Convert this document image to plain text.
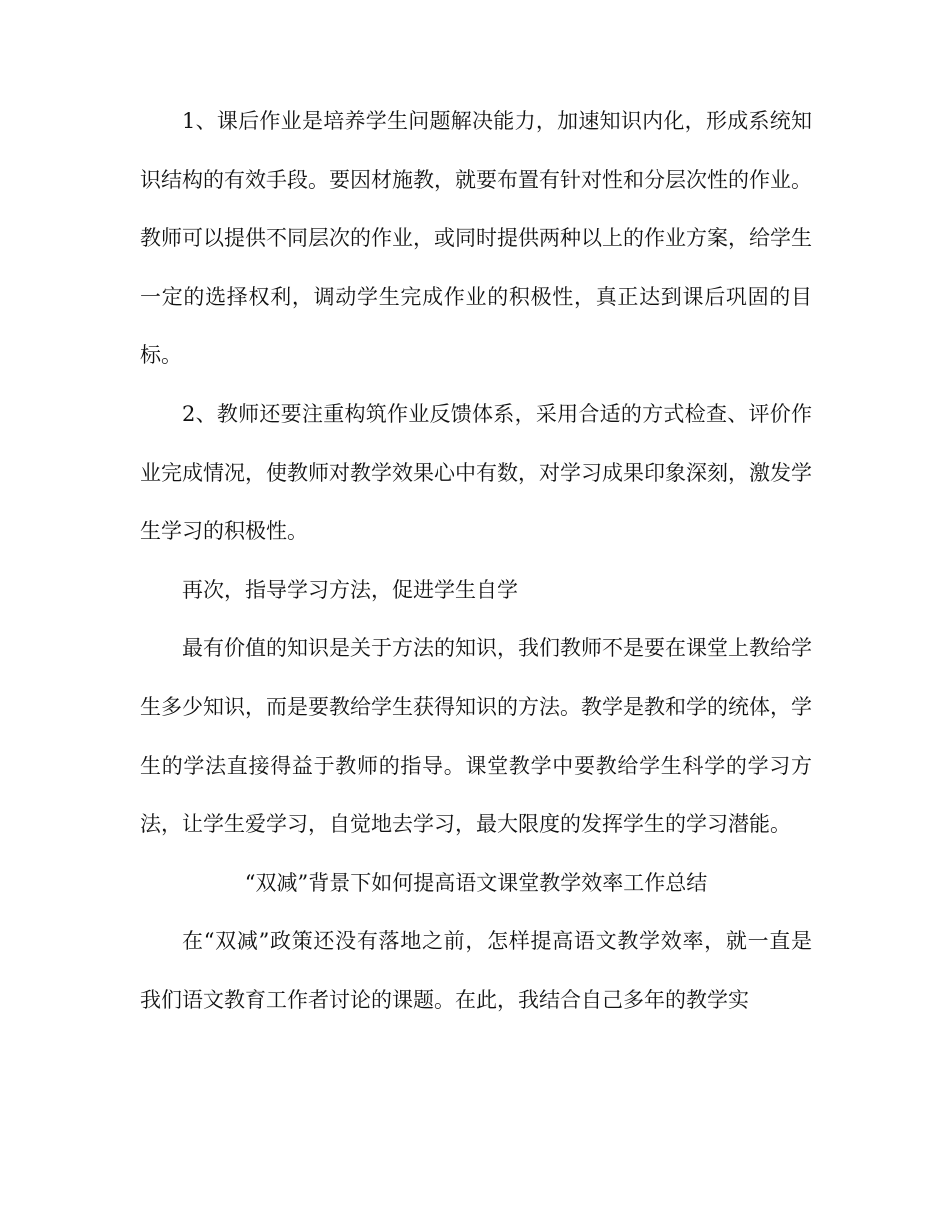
1、课后作业是培养学生问题解决能力，加速知识内化，形成系统知识结构的有效手段。要因材施教，就要布置有针对性和分层次性的作业。教师可以提供不同层次的作业，或同时提供两种以上的作业方案，给学生一定的选择权利，调动学生完成作业的积极性，真正达到课后巩固的目标。

2、教师还要注重构筑作业反馈体系，采用合适的方式检查、评价作业完成情况，使教师对教学效果心中有数，对学习成果印象深刻，激发学生学习的积极性。

再次，指导学习方法，促进学生自学

最有价值的知识是关于方法的知识，我们教师不是要在课堂上教给学生多少知识，而是要教给学生获得知识的方法。教学是教和学的统体，学生的学法直接得益于教师的指导。课堂教学中要教给学生科学的学习方法，让学生爱学习，自觉地去学习，最大限度的发挥学生的学习潜能。

“双减”背景下如何提高语文课堂教学效率工作总结

在“双减”政策还没有落地之前，怎样提高语文教学效率，就一直是我们语文教育工作者讨论的课题。在此，我结合自己多年的教学实
